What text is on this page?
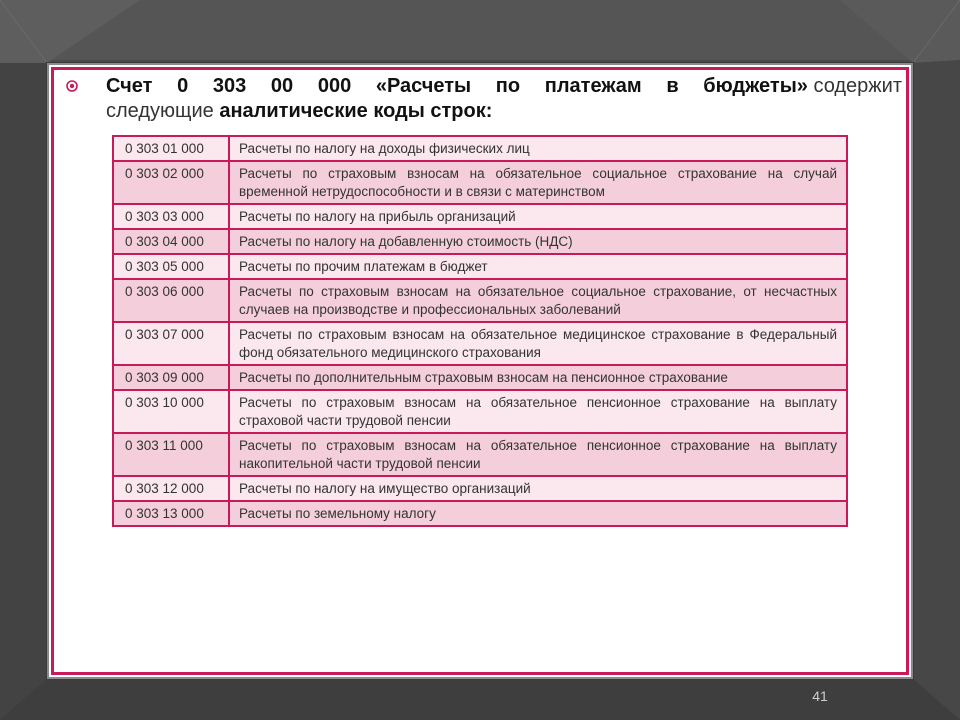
Счет 0 303 00 000 «Расчеты по платежам в бюджеты» содержит
следующие аналитические коды строк:
0 303 01 000	Расчеты по налогу на доходы физических лиц
0 303 02 000	Расчеты по страховым взносам на обязательное социальное страхование на случай временной нетрудоспособности и в связи с материнством
0 303 03 000	Расчеты по налогу на прибыль организаций
0 303 04 000	Расчеты по налогу на добавленную стоимость (НДС)
0 303 05 000	Расчеты по прочим платежам в бюджет
0 303 06 000	Расчеты по страховым взносам на обязательное социальное страхование, от несчастных случаев на производстве и профессиональных заболеваний
0 303 07 000	Расчеты по страховым взносам на обязательное медицинское страхование в Федеральный фонд обязательного медицинского страхования
0 303 09 000	Расчеты по дополнительным страховым взносам на пенсионное страхование
0 303 10 000	Расчеты по страховым взносам на обязательное пенсионное страхование на выплату страховой части трудовой пенсии
0 303 11 000	Расчеты по страховым взносам на обязательное пенсионное страхование на выплату накопительной части трудовой пенсии
0 303 12 000	Расчеты по налогу на имущество организаций
0 303 13 000	Расчеты по земельному налогу
41
